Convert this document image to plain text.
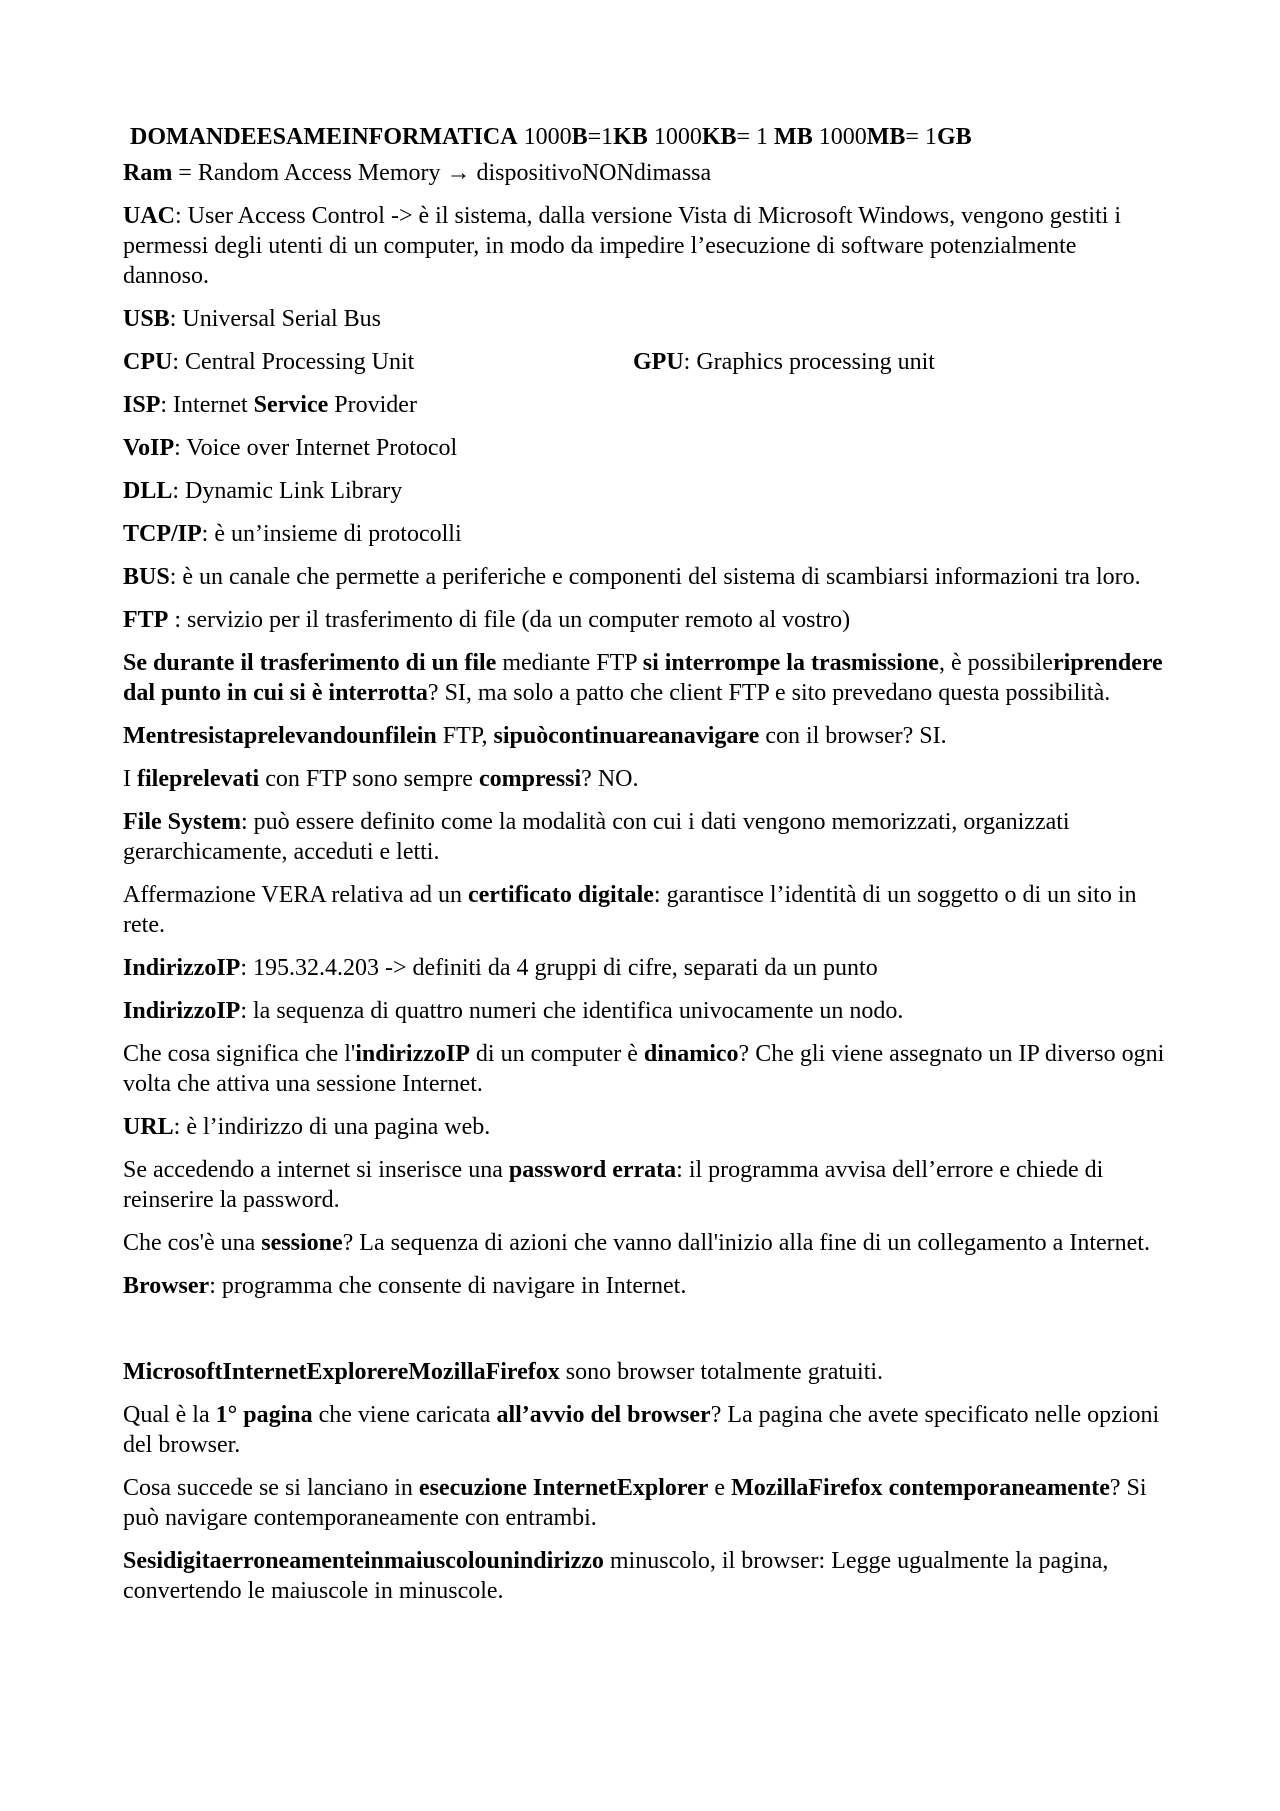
DOMANDEESAMEINFORMATICA 1000B=1KB 1000KB= 1 MB 1000MB= 1GB
Ram = Random Access Memory → dispositivoNONdimassa
UAC: User Access Control -> è il sistema, dalla versione Vista di Microsoft Windows, vengono gestiti i permessi degli utenti di un computer, in modo da impedire l’esecuzione di software potenzialmente dannoso.
USB: Universal Serial Bus
CPU: Central Processing Unit	GPU: Graphics processing unit
ISP: Internet Service Provider
VoIP: Voice over Internet Protocol
DLL: Dynamic Link Library
TCP/IP: è un’insieme di protocolli
BUS: è un canale che permette a periferiche e componenti del sistema di scambiarsi informazioni tra loro.
FTP : servizio per il trasferimento di file (da un computer remoto al vostro)
Se durante il trasferimento di un file mediante FTP si interrompe la trasmissione, è possibileriprendere dal punto in cui si è interrotta? SI, ma solo a patto che client FTP e sito prevedano questa possibilità.
Mentresistaprelevandounfilein FTP, sipuòcontinuareanavigare con il browser? SI.
I fileprelevati con FTP sono sempre compressi? NO.
File System: può essere definito come la modalità con cui i dati vengono memorizzati, organizzati gerarchicamente, acceduti e letti.
Affermazione VERA relativa ad un certificato digitale: garantisce l’identità di un soggetto o di un sito in rete.
IndirizzoIP: 195.32.4.203 -> definiti da 4 gruppi di cifre, separati da un punto
IndirizzoIP: la sequenza di quattro numeri che identifica univocamente un nodo.
Che cosa significa che l'indirizzoIP di un computer è dinamico? Che gli viene assegnato un IP diverso ogni volta che attiva una sessione Internet.
URL: è l’indirizzo di una pagina web.
Se accedendo a internet si inserisce una password errata: il programma avvisa dell’errore e chiede di reinserire la password.
Che cos'è una sessione? La sequenza di azioni che vanno dall'inizio alla fine di un collegamento a Internet.
Browser: programma che consente di navigare in Internet.
MicrosoftInternetExplorereMozillaFirefox sono browser totalmente gratuiti.
Qual è la 1° pagina che viene caricata all’avvio del browser? La pagina che avete specificato nelle opzioni del browser.
Cosa succede se si lanciano in esecuzione InternetExplorer e MozillaFirefox contemporaneamente? Si può navigare contemporaneamente con entrambi.
Sesidigitaerroneamenteinmaiuscolounindirizzo minuscolo, il browser: Legge ugualmente la pagina, convertendo le maiuscole in minuscole.
